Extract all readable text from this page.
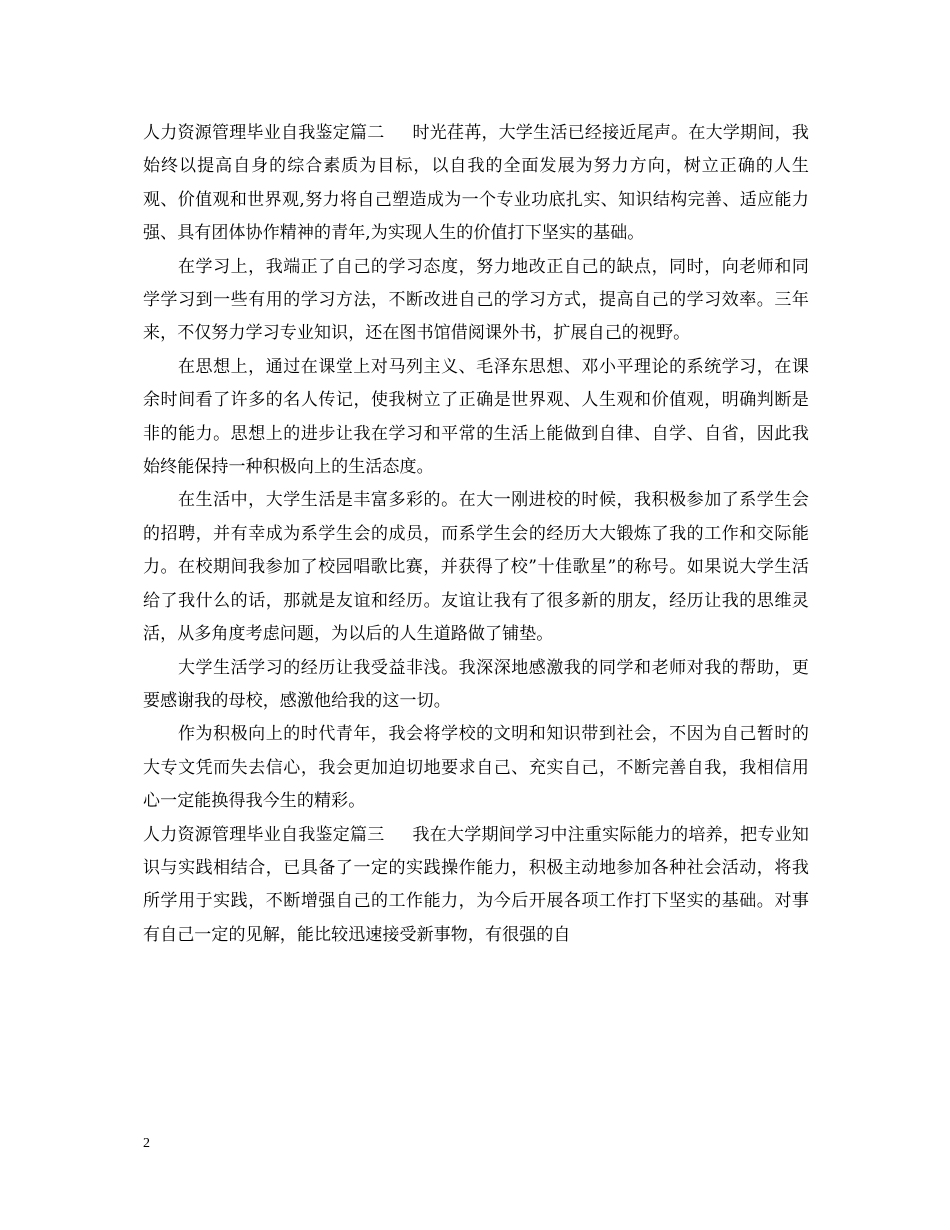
人力资源管理毕业自我鉴定篇二 时光荏苒，大学生活已经接近尾声。在大学期间，我始终以提高自身的综合素质为目标，以自我的全面发展为努力方向，树立正确的人生观、价值观和世界观,努力将自己塑造成为一个专业功底扎实、知识结构完善、适应能力强、具有团体协作精神的青年,为实现人生的价值打下坚实的基础。

在学习上，我端正了自己的学习态度，努力地改正自己的缺点，同时，向老师和同学学习到一些有用的学习方法，不断改进自己的学习方式，提高自己的学习效率。三年来，不仅努力学习专业知识，还在图书馆借阅课外书，扩展自己的视野。

在思想上，通过在课堂上对马列主义、毛泽东思想、邓小平理论的系统学习，在课余时间看了许多的名人传记，使我树立了正确是世界观、人生观和价值观，明确判断是非的能力。思想上的进步让我在学习和平常的生活上能做到自律、自学、自省，因此我始终能保持一种积极向上的生活态度。

在生活中，大学生活是丰富多彩的。在大一刚进校的时候，我积极参加了系学生会的招聘，并有幸成为系学生会的成员，而系学生会的经历大大锻炼了我的工作和交际能力。在校期间我参加了校园唱歌比赛，并获得了校”十佳歌星”的称号。如果说大学生活给了我什么的话，那就是友谊和经历。友谊让我有了很多新的朋友，经历让我的思维灵活，从多角度考虑问题，为以后的人生道路做了铺垫。

大学生活学习的经历让我受益非浅。我深深地感激我的同学和老师对我的帮助，更要感谢我的母校，感激他给我的这一切。

作为积极向上的时代青年，我会将学校的文明和知识带到社会，不因为自己暂时的大专文凭而失去信心，我会更加迫切地要求自己、充实自己，不断完善自我，我相信用心一定能换得我今生的精彩。

人力资源管理毕业自我鉴定篇三 我在大学期间学习中注重实际能力的培养，把专业知识与实践相结合，已具备了一定的实践操作能力，积极主动地参加各种社会活动，将我所学用于实践，不断增强自己的工作能力，为今后开展各项工作打下坚实的基础。对事有自己一定的见解，能比较迅速接受新事物，有很强的自

2
